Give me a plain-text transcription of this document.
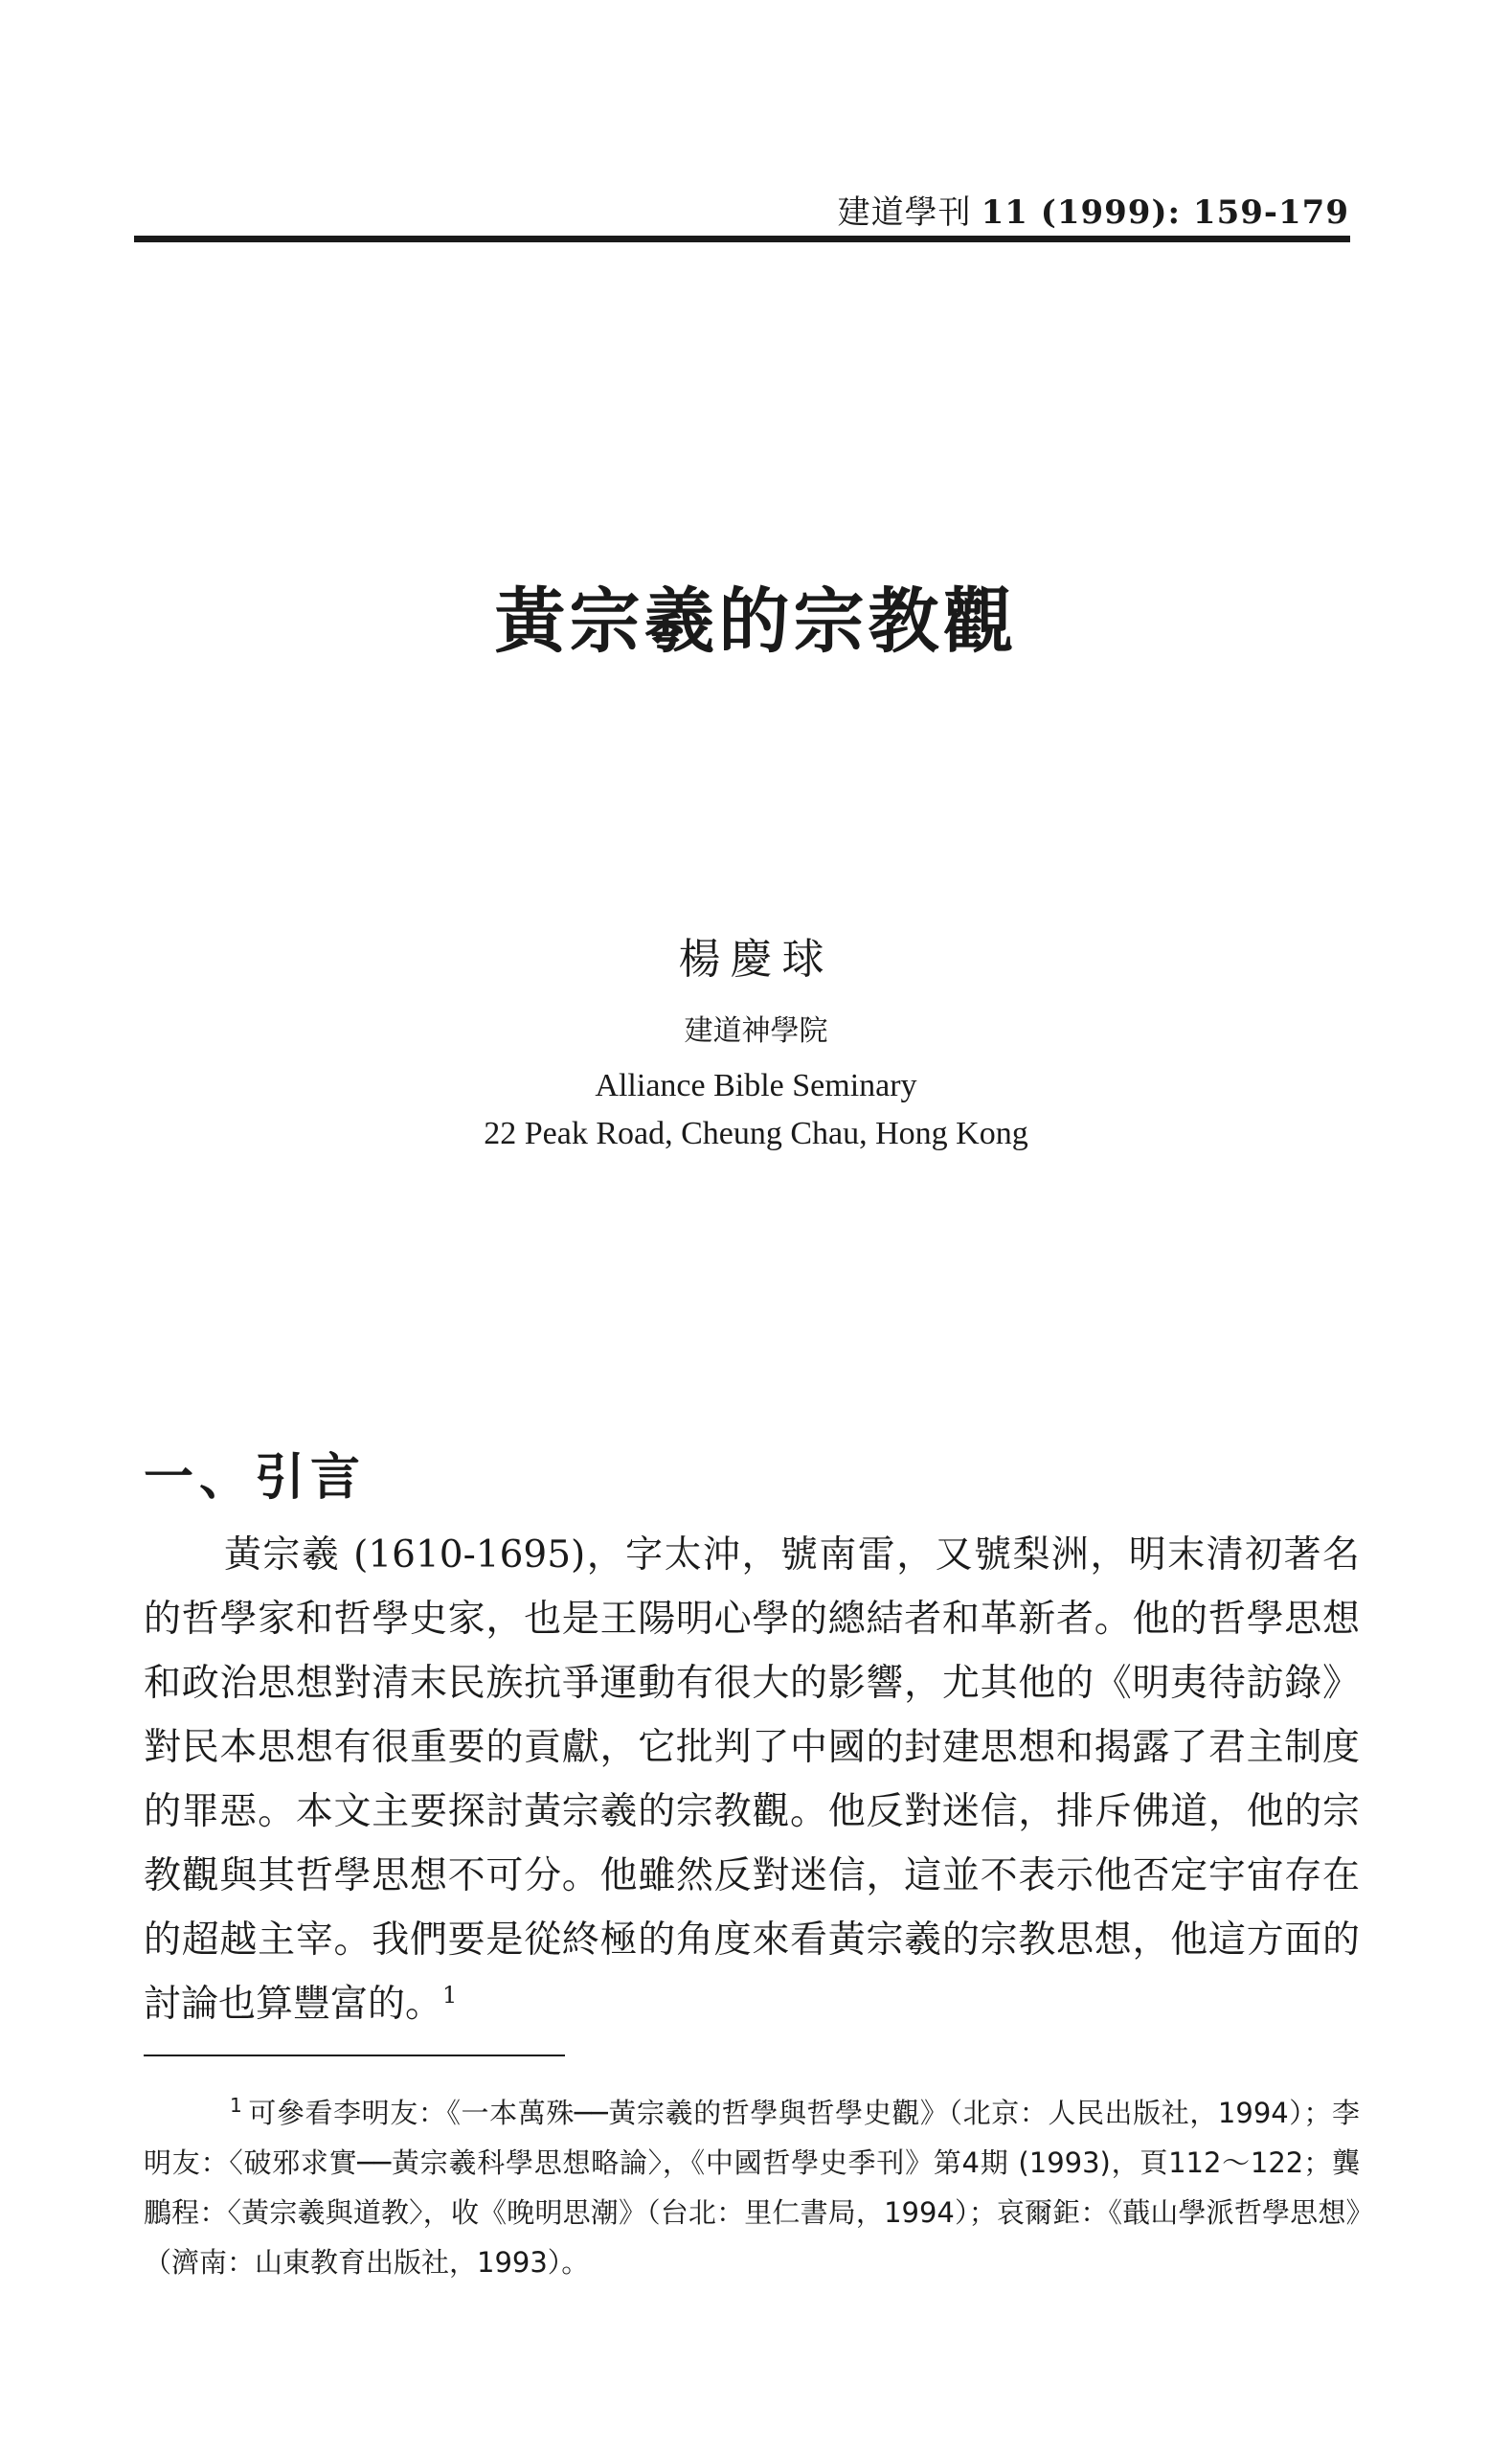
建道學刊 11 (1999): 159-179
黃宗羲的宗教觀
楊慶球
建道神學院
Alliance Bible Seminary
22 Peak Road, Cheung Chau, Hong Kong
一、引言

黃宗羲 (1610-1695)，字太沖，號南雷，又號梨洲，明末清初著名的哲學家和哲學史家，也是王陽明心學的總結者和革新者。他的哲學思想和政治思想對清末民族抗爭運動有很大的影響，尤其他的《明夷待訪錄》對民本思想有很重要的貢獻，它批判了中國的封建思想和揭露了君主制度的罪惡。本文主要探討黃宗羲的宗教觀。他反對迷信，排斥佛道，他的宗教觀與其哲學思想不可分。他雖然反對迷信，這並不表示他否定宇宙存在的超越主宰。我們要是從終極的角度來看黃宗羲的宗教思想，他這方面的討論也算豐富的。$^1$

$^1$ 可參看李明友：《一本萬殊──黃宗羲的哲學與哲學史觀》（北京：人民出版社，1994）；李明友：〈破邪求實──黃宗羲科學思想略論〉，《中國哲學史季刊》第4期 (1993)，頁112～122；龔鵬程：〈黃宗羲與道教〉，收《晚明思潮》（台北：里仁書局，1994）；哀爾鉅：《蕺山學派哲學思想》（濟南：山東教育出版社，1993）。
